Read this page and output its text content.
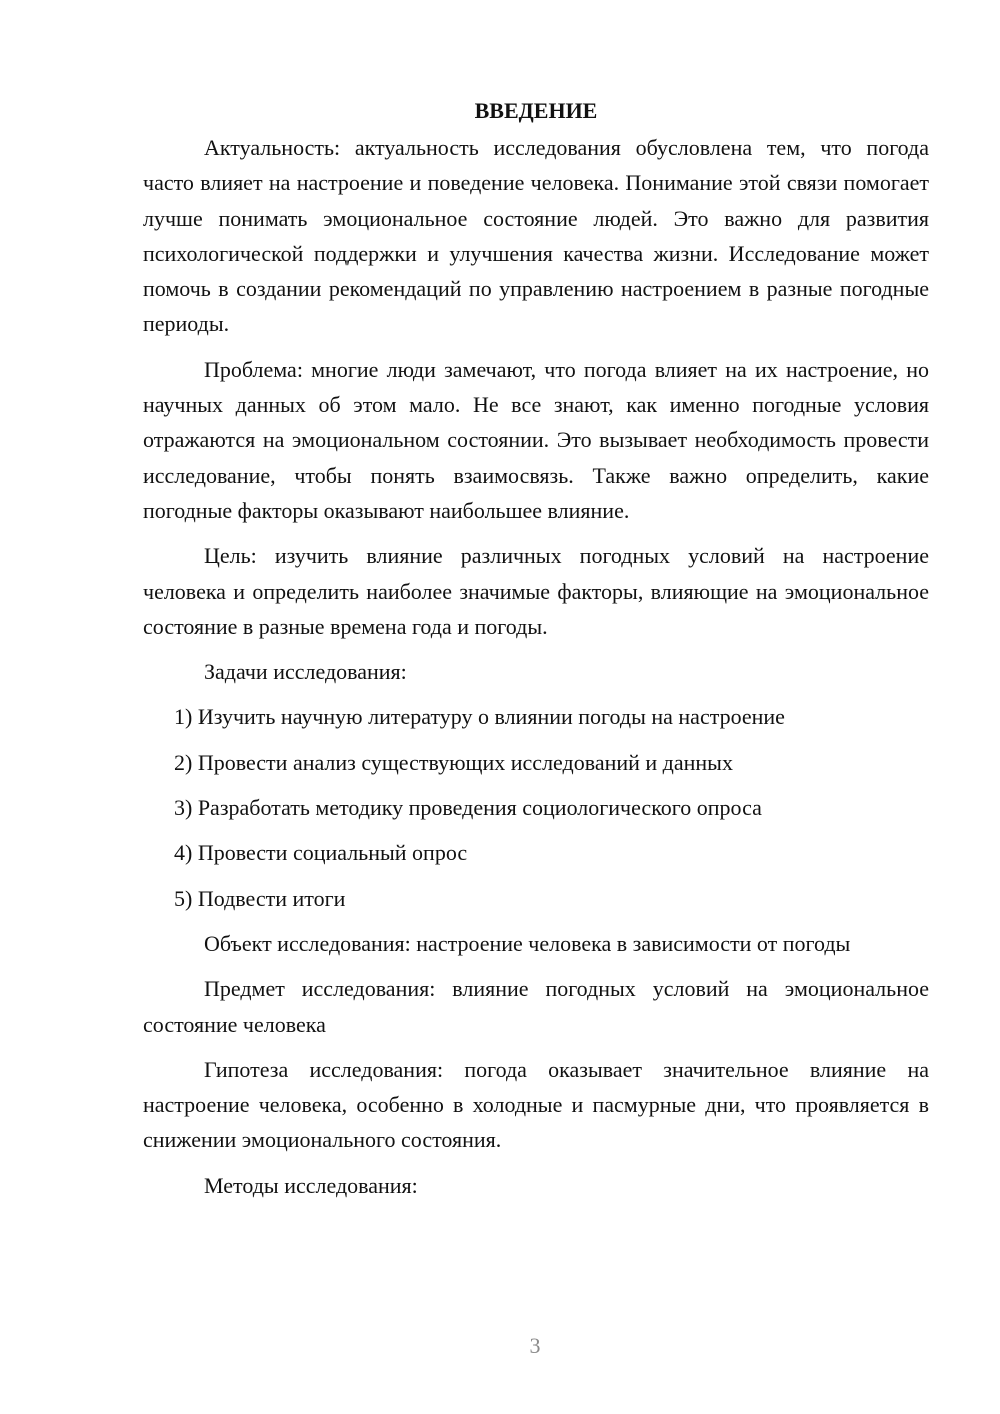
ВВЕДЕНИЕ

Актуальность: актуальность исследования обусловлена тем, что погода часто влияет на настроение и поведение человека. Понимание этой связи помогает лучше понимать эмоциональное состояние людей. Это важно для развития психологической поддержки и улучшения качества жизни. Исследование может помочь в создании рекомендаций по управлению настроением в разные погодные периоды.

Проблема: многие люди замечают, что погода влияет на их настроение, но научных данных об этом мало. Не все знают, как именно погодные условия отражаются на эмоциональном состоянии. Это вызывает необходимость провести исследование, чтобы понять взаимосвязь. Также важно определить, какие погодные факторы оказывают наибольшее влияние.

Цель: изучить влияние различных погодных условий на настроение человека и определить наиболее значимые факторы, влияющие на эмоциональное состояние в разные времена года и погоды.

Задачи исследования:

1) Изучить научную литературу о влиянии погоды на настроение
2) Провести анализ существующих исследований и данных
3) Разработать методику проведения социологического опроса
4) Провести социальный опрос
5) Подвести итоги

Объект исследования: настроение человека в зависимости от погоды

Предмет исследования: влияние погодных условий на эмоциональное состояние человека

Гипотеза исследования: погода оказывает значительное влияние на настроение человека, особенно в холодные и пасмурные дни, что проявляется в снижении эмоционального состояния.

Методы исследования:

3
